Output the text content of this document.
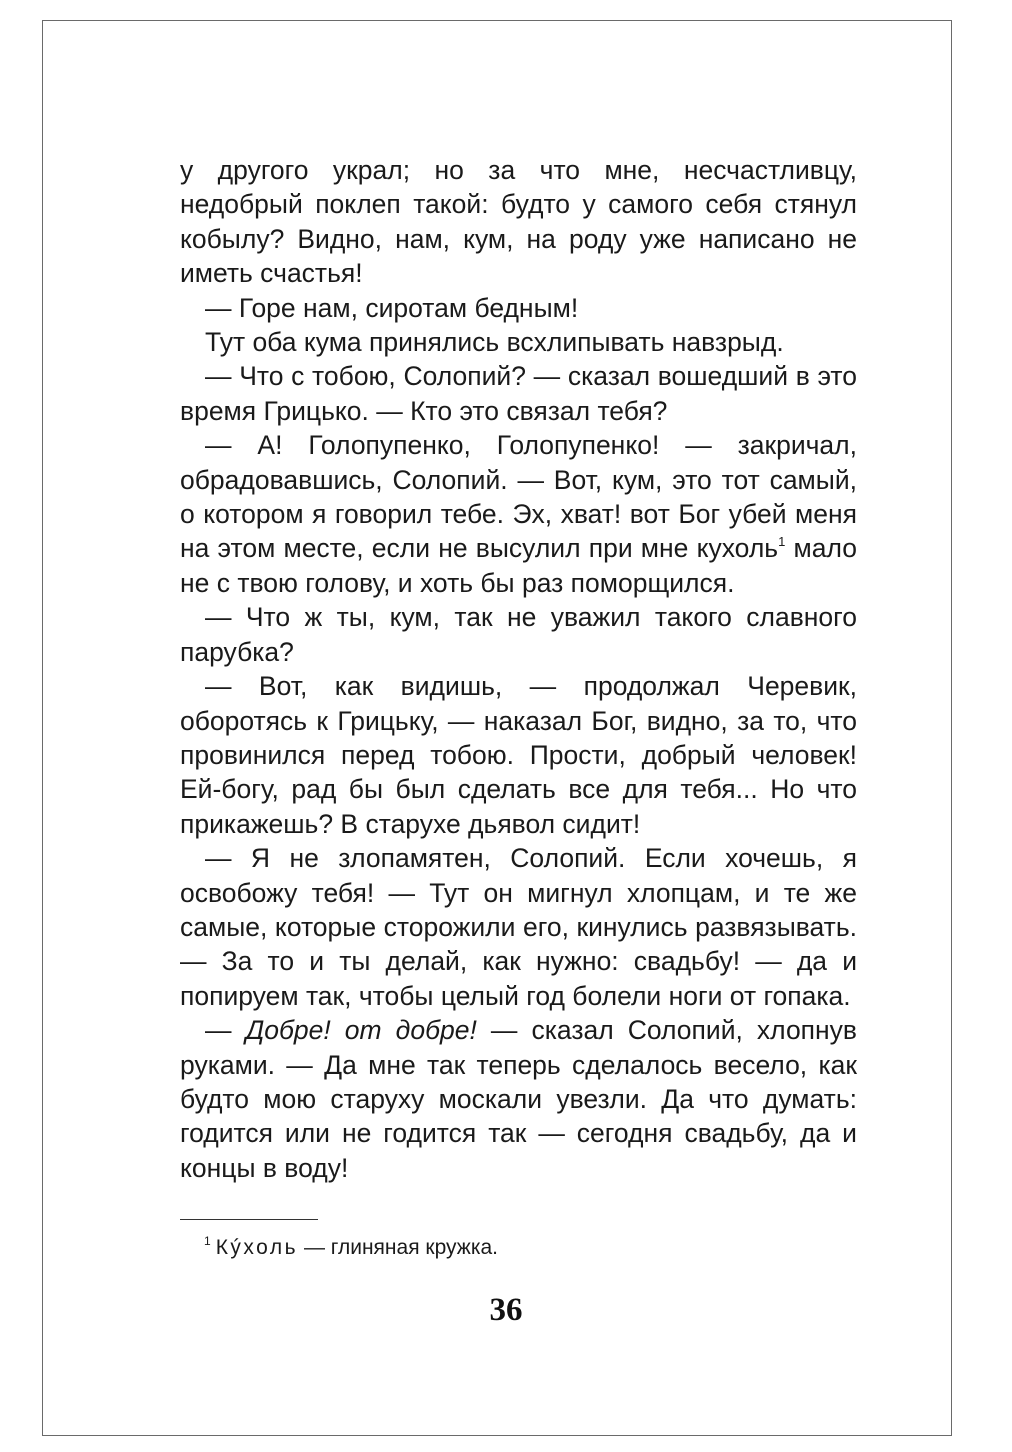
у другого украл; но за что мне, несчастливцу, недобрый поклеп такой: будто у самого себя стянул кобылу? Видно, нам, кум, на роду уже написано не иметь счастья!

— Горе нам, сиротам бедным!

Тут оба кума принялись всхлипывать навзрыд.

— Что с тобою, Солопий? — сказал вошедший в это время Грицько. — Кто это связал тебя?

— А! Голопупенко, Голопупенко! — закричал, обрадовавшись, Солопий. — Вот, кум, это тот самый, о котором я говорил тебе. Эх, хват! вот Бог убей меня на этом месте, если не высулил при мне кухоль$^1$ мало не с твою голову, и хоть бы раз поморщился.

— Что ж ты, кум, так не уважил такого славного парубка?

— Вот, как видишь, — продолжал Черевик, оборотясь к Грицьку, — наказал Бог, видно, за то, что провинился перед тобою. Прости, добрый человек! Ей-богу, рад бы был сделать все для тебя... Но что прикажешь? В старухе дьявол сидит!

— Я не злопамятен, Солопий. Если хочешь, я освобожу тебя! — Тут он мигнул хлопцам, и те же самые, которые сторожили его, кинулись развязывать. — За то и ты делай, как нужно: свадьбу! — да и попируем так, чтобы целый год болели ноги от гопака.

— Добре! от добре! — сказал Солопий, хлопнув руками. — Да мне так теперь сделалось весело, как будто мою старуху москали увезли. Да что думать: годится или не годится так — сегодня свадьбу, да и концы в воду!

$^1$ Кýхоль — глиняная кружка.
36
